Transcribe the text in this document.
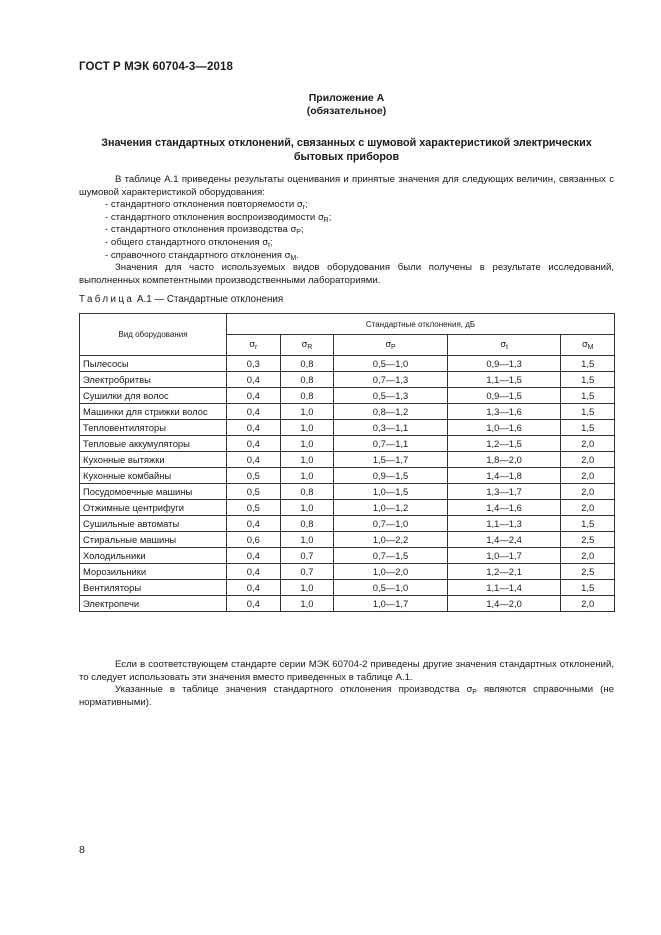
ГОСТ Р МЭК 60704-3—2018
Приложение А
(обязательное)
Значения стандартных отклонений, связанных с шумовой характеристикой электрических
бытовых приборов
В таблице А.1 приведены результаты оценивания и принятые значения для следующих величин, связанных с шумовой характеристикой оборудования:
- стандартного отклонения повторяемости $\sigma_r$;
- стандартного отклонения воспроизводимости $\sigma_R$;
- стандартного отклонения производства $\sigma_P$;
- общего стандартного отклонения $\sigma_t$;
- справочного стандартного отклонения $\sigma_M$.
Значения для часто используемых видов оборудования были получены в результате исследований, выполненных компетентными производственными лабораториями.
Таблица А.1 — Стандартные отклонения
Вид оборудования	Стандартные отклонения, дБ				
	$\sigma_r$	$\sigma_R$	$\sigma_P$	$\sigma_t$	$\sigma_M$
Пылесосы	0,3	0,8	0,5—1,0	0,9—1,3	1,5
Электробритвы	0,4	0,8	0,7—1,3	1,1—1,5	1,5
Сушилки для волос	0,4	0,8	0,5—1,3	0,9—1,5	1,5
Машинки для стрижки волос	0,4	1,0	0,8—1,2	1,3—1,6	1,5
Тепловентиляторы	0,4	1,0	0,3—1,1	1,0—1,6	1,5
Тепловые аккумуляторы	0,4	1,0	0,7—1,1	1,2—1,5	2,0
Кухонные вытяжки	0,4	1,0	1,5—1,7	1,8—2,0	2,0
Кухонные комбайны	0,5	1,0	0,9—1,5	1,4—1,8	2,0
Посудомоечные машины	0,5	0,8	1,0—1,5	1,3—1,7	2,0
Отжимные центрифуги	0,5	1,0	1,0—1,2	1,4—1,6	2,0
Сушильные автоматы	0,4	0,8	0,7—1,0	1,1—1,3	1,5
Стиральные машины	0,6	1,0	1,0—2,2	1,4—2,4	2,5
Холодильники	0,4	0,7	0,7—1,5	1,0—1,7	2,0
Морозильники	0,4	0,7	1,0—2,0	1,2—2,1	2,5
Вентиляторы	0,4	1,0	0,5—1,0	1,1—1,4	1,5
Электропечи	0,4	1,0	1,0—1,7	1,4—2,0	2,0
Если в соответствующем стандарте серии МЭК 60704-2 приведены другие значения стандартных отклонений, то следует использовать эти значения вместо приведенных в таблице А.1.
Указанные в таблице значения стандартного отклонения производства $\sigma_P$ являются справочными (не нормативными).
8
